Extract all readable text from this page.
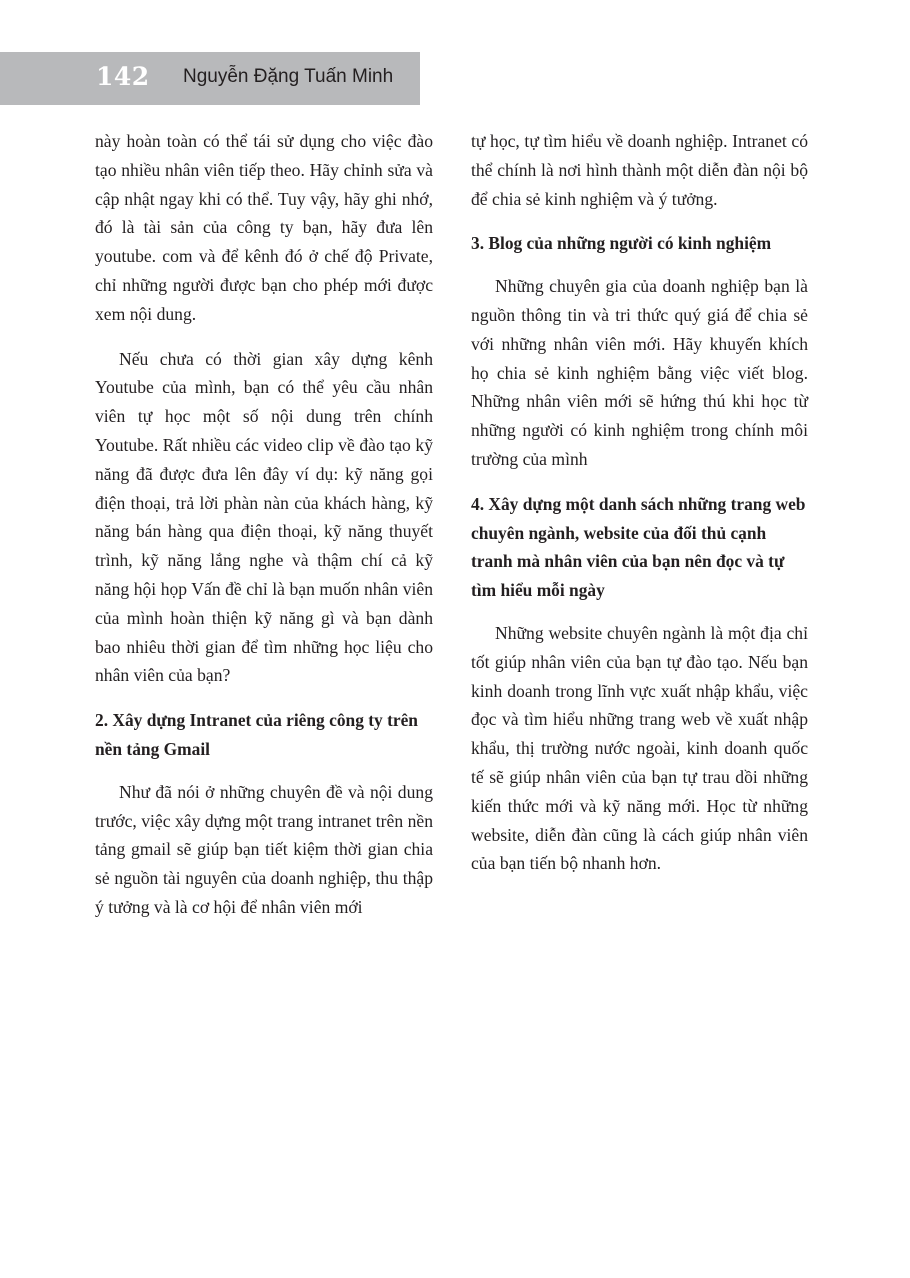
142 Nguyễn Đặng Tuấn Minh

này hoàn toàn có thể tái sử dụng cho việc đào tạo nhiều nhân viên tiếp theo. Hãy chỉnh sửa và cập nhật ngay khi có thể. Tuy vậy, hãy ghi nhớ, đó là tài sản của công ty bạn, hãy đưa lên youtube. com và để kênh đó ở chế độ Private, chỉ những người được bạn cho phép mới được xem nội dung.

Nếu chưa có thời gian xây dựng kênh Youtube của mình, bạn có thể yêu cầu nhân viên tự học một số nội dung trên chính Youtube. Rất nhiều các video clip về đào tạo kỹ năng đã được đưa lên đây ví dụ: kỹ năng gọi điện thoại, trả lời phàn nàn của khách hàng, kỹ năng bán hàng qua điện thoại, kỹ năng thuyết trình, kỹ năng lắng nghe và thậm chí cả kỹ năng hội họp Vấn đề chỉ là bạn muốn nhân viên của mình hoàn thiện kỹ năng gì và bạn dành bao nhiêu thời gian để tìm những học liệu cho nhân viên của bạn?

2. Xây dựng Intranet của riêng công ty trên nền tảng Gmail

Như đã nói ở những chuyên đề và nội dung trước, việc xây dựng một trang intranet trên nền tảng gmail sẽ giúp bạn tiết kiệm thời gian chia sẻ nguồn tài nguyên của doanh nghiệp, thu thập ý tưởng và là cơ hội để nhân viên mới

tự học, tự tìm hiểu về doanh nghiệp. Intranet có thể chính là nơi hình thành một diễn đàn nội bộ để chia sẻ kinh nghiệm và ý tưởng.

3. Blog của những người có kinh nghiệm

Những chuyên gia của doanh nghiệp bạn là nguồn thông tin và tri thức quý giá để chia sẻ với những nhân viên mới. Hãy khuyến khích họ chia sẻ kinh nghiệm bằng việc viết blog. Những nhân viên mới sẽ hứng thú khi học từ những người có kinh nghiệm trong chính môi trường của mình

4. Xây dựng một danh sách những trang web chuyên ngành, website của đối thủ cạnh tranh mà nhân viên của bạn nên đọc và tự tìm hiểu mỗi ngày

Những website chuyên ngành là một địa chỉ tốt giúp nhân viên của bạn tự đào tạo. Nếu bạn kinh doanh trong lĩnh vực xuất nhập khẩu, việc đọc và tìm hiểu những trang web về xuất nhập khẩu, thị trường nước ngoài, kinh doanh quốc tế sẽ giúp nhân viên của bạn tự trau dồi những kiến thức mới và kỹ năng mới. Học từ những website, diễn đàn cũng là cách giúp nhân viên của bạn tiến bộ nhanh hơn.
